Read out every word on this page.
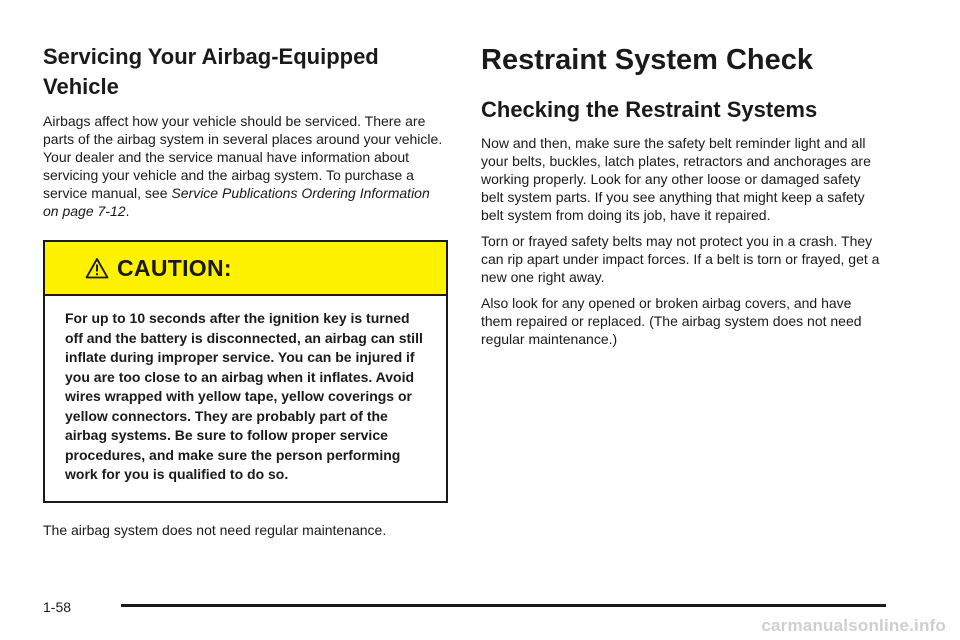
Servicing Your Airbag-Equipped Vehicle

Airbags affect how your vehicle should be serviced. There are parts of the airbag system in several places around your vehicle. Your dealer and the service manual have information about servicing your vehicle and the airbag system. To purchase a service manual, see Service Publications Ordering Information on page 7-12.

CAUTION:
For up to 10 seconds after the ignition key is turned off and the battery is disconnected, an airbag can still inflate during improper service. You can be injured if you are too close to an airbag when it inflates. Avoid wires wrapped with yellow tape, yellow coverings or yellow connectors. They are probably part of the airbag systems. Be sure to follow proper service procedures, and make sure the person performing work for you is qualified to do so.

The airbag system does not need regular maintenance.

Restraint System Check
Checking the Restraint Systems

Now and then, make sure the safety belt reminder light and all your belts, buckles, latch plates, retractors and anchorages are working properly. Look for any other loose or damaged safety belt system parts. If you see anything that might keep a safety belt system from doing its job, have it repaired.

Torn or frayed safety belts may not protect you in a crash. They can rip apart under impact forces. If a belt is torn or frayed, get a new one right away.

Also look for any opened or broken airbag covers, and have them repaired or replaced. (The airbag system does not need regular maintenance.)

1-58
carmanualsonline.info
